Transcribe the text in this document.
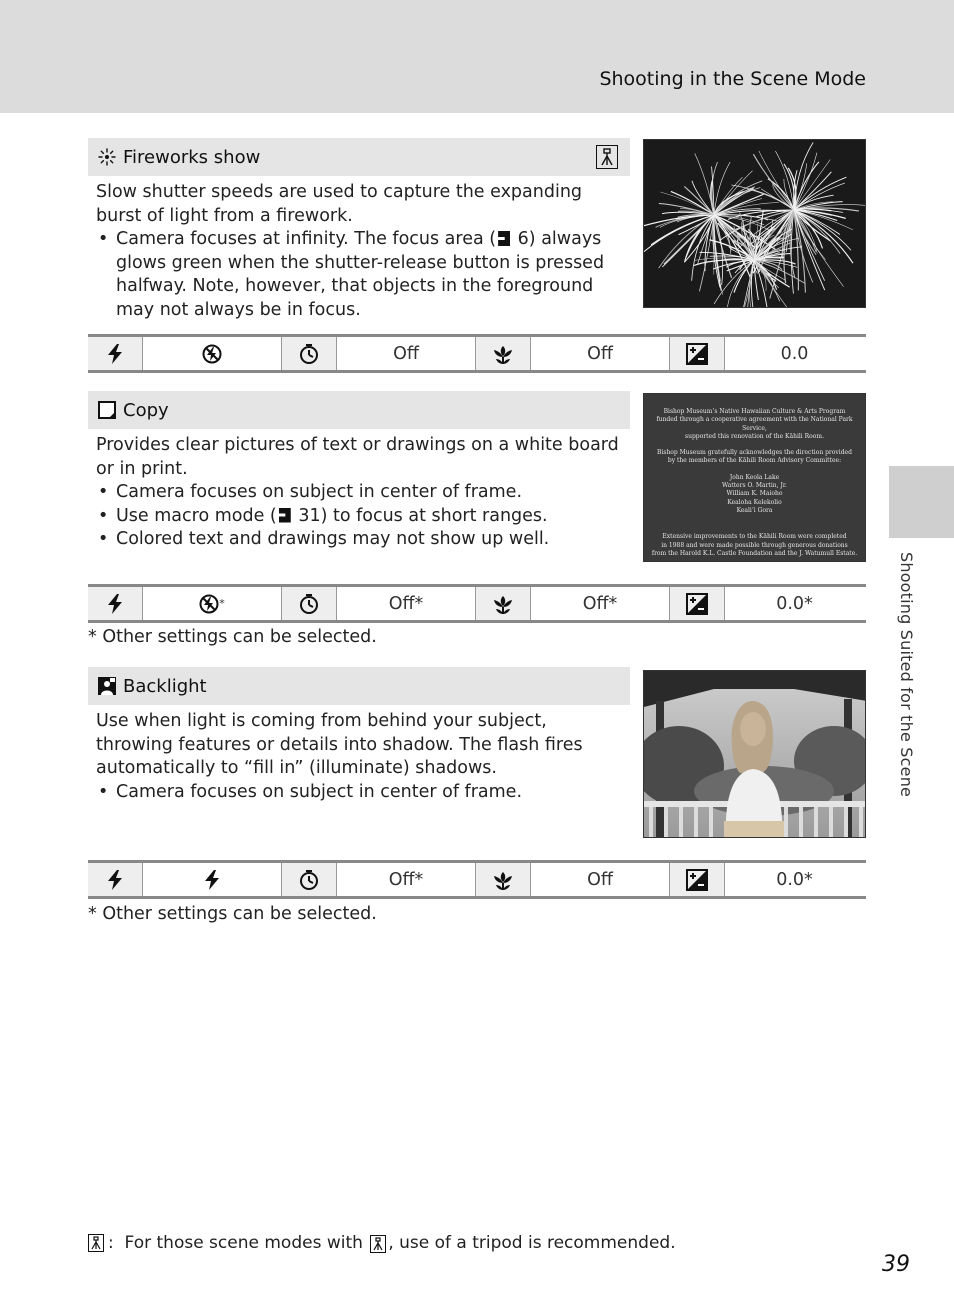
Shooting in the Scene Mode
Shooting Suited for the Scene
Fireworks show

Slow shutter speeds are used to capture the expanding burst of light from a firework.

• Camera focuses at infinity. The focus area ( 6) always glows green when the shutter-release button is pressed halfway. Note, however, that objects in the foreground may not always be in focus.
Off	Off	0.0
Copy

Provides clear pictures of text or drawings on a white board or in print.

• Camera focuses on subject in center of frame.
• Use macro mode ( 31) to focus at short ranges.
• Colored text and drawings may not show up well.
Bishop Museum’s Native Hawaiian Culture & Arts Program
funded through a cooperative agreement with the National Park Service,
supported this renovation of the Kāhili Room.
Bishop Museum gratefully acknowledges the direction provided
by the members of the Kāhili Room Advisory Committee:
John Keola Lake
Watters O. Martin, Jr.
William K. Maioho
Kealoha Kelekolio
Keali’i Gora
Extensive improvements to the Kāhili Room were completed
in 1988 and were made possible through generous donations
from the Harold K.L. Castle Foundation and the J. Watumull Estate.
*	Off*	Off*	0.0*
* Other settings can be selected.
Backlight

Use when light is coming from behind your subject, throwing features or details into shadow. The flash fires automatically to “fill in” (illuminate) shadows.

• Camera focuses on subject in center of frame.
Off*	Off	0.0*
* Other settings can be selected.
:  For those scene modes with
, use of a tripod is recommended.
39
